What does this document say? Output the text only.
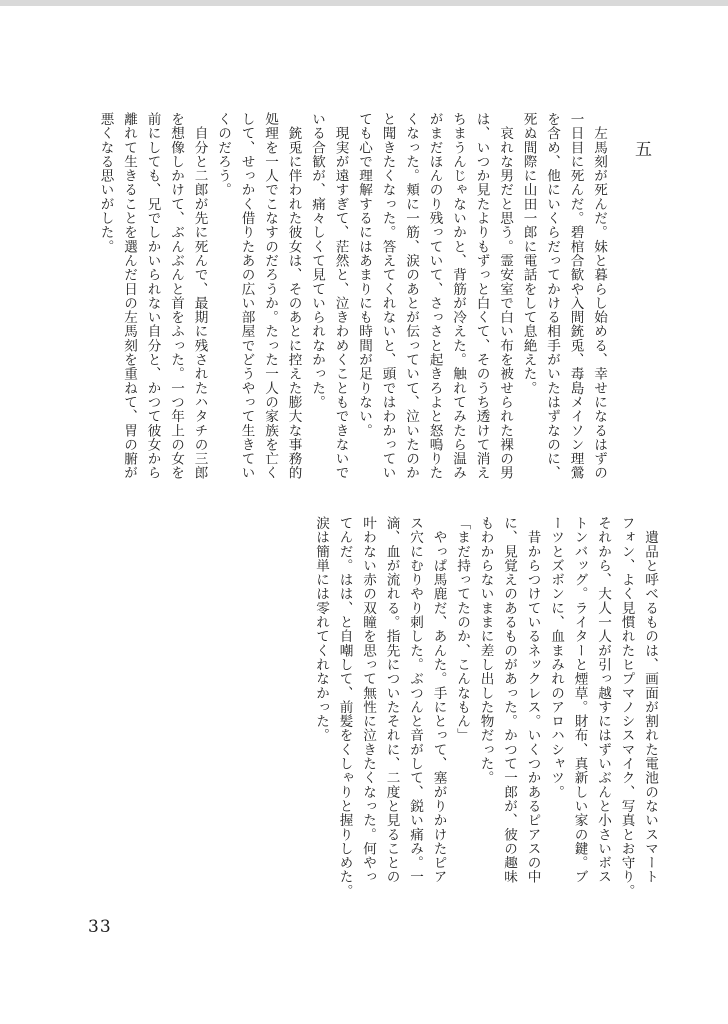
五
　左馬刻が死んだ。妹と暮らし始める、幸せになるはずの
一日目に死んだ。碧棺合歓や入間銃兎、毒島メイソン理鶯
を含め、他にいくらだってかける相手がいたはずなのに、
死ぬ間際に山田一郎に電話をして息絶えた。
　哀れな男だと思う。霊安室で白い布を被せられた裸の男
は、いつか見たよりもずっと白くて、そのうち透けて消え
ちまうんじゃないかと、背筋が冷えた。触れてみたら温み
がまだほんのり残っていて、さっさと起きろよと怒鳴りた
くなった。頬に一筋、涙のあとが伝っていて、泣いたのか
と聞きたくなった。答えてくれないと、頭ではわかってい
ても心で理解するにはあまりにも時間が足りない。
　現実が遠すぎて、茫然と、泣きわめくこともできないで
いる合歓が、痛々しくて見ていられなかった。
　銃兎に伴われた彼女は、そのあとに控えた膨大な事務的
処理を一人でこなすのだろうか。たった一人の家族を亡く
して、せっかく借りたあの広い部屋でどうやって生きてい
くのだろう。
　自分と二郎が先に死んで、最期に残されたハタチの三郎
を想像しかけて、ぶんぶんと首をふった。一つ年上の女を
前にしても、兄でしかいられない自分と、かつて彼女から
離れて生きることを選んだ日の左馬刻を重ねて、胃の腑が
悪くなる思いがした。
　遺品と呼べるものは、画面が割れた電池のないスマート
フォン、よく見慣れたヒプマノシスマイク、写真とお守り。
それから、大人一人が引っ越すにはずいぶんと小さいボス
トンバッグ。ライターと煙草。財布、真新しい家の鍵。ブ
ーツとズボンに、血まみれのアロハシャツ。
　昔からつけているネックレス。いくつかあるピアスの中
に、見覚えのあるものがあった。かつて一郎が、彼の趣味
もわからないままに差し出した物だった。
「まだ持ってたのか、こんなもん」
　やっぱ馬鹿だ、あんた。手にとって、塞がりかけたピア
ス穴にむりやり刺した。ぶつんと音がして、鋭い痛み。一
滴、血が流れる。指先についたそれに、二度と見ることの
叶わない赤の双瞳を思って無性に泣きたくなった。何やっ
てんだ。はは、と自嘲して、前髪をくしゃりと握りしめた。
涙は簡単には零れてくれなかった。
33
